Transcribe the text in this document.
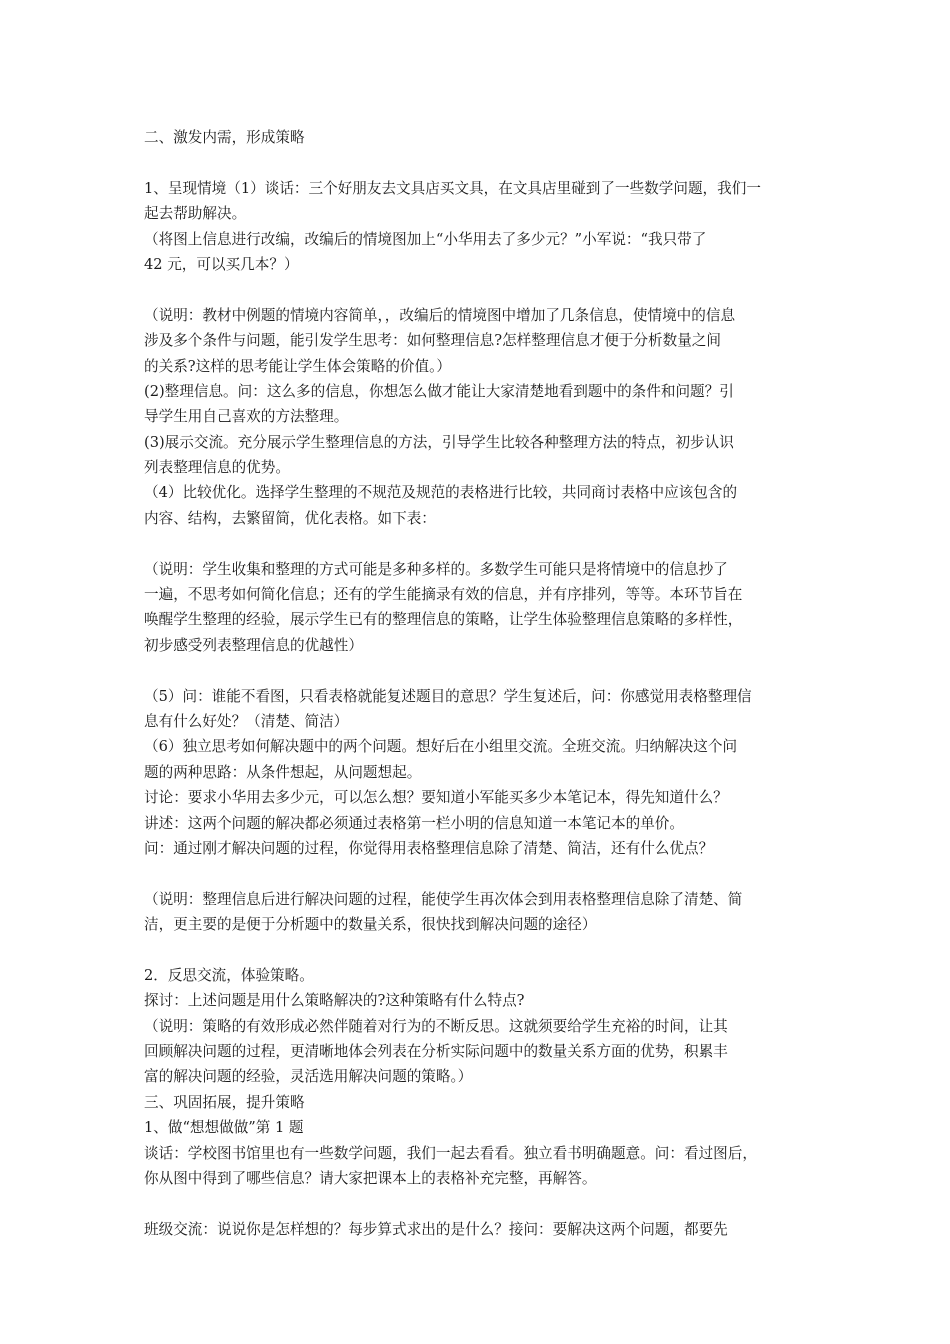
二、激发内需，形成策略
1、呈现情境（1）谈话：三个好朋友去文具店买文具，在文具店里碰到了一些数学问题，我们一
起去帮助解决。
（将图上信息进行改编，改编后的情境图加上“小华用去了多少元？”小军说：“我只带了
42 元，可以买几本？）
（说明：教材中例题的情境内容简单，，改编后的情境图中增加了几条信息，使情境中的信息
涉及多个条件与问题，能引发学生思考：如何整理信息?怎样整理信息才便于分析数量之间
的关系?这样的思考能让学生体会策略的价值。）
(2)整理信息。问：这么多的信息，你想怎么做才能让大家清楚地看到题中的条件和问题？引
导学生用自己喜欢的方法整理。
(3)展示交流。充分展示学生整理信息的方法，引导学生比较各种整理方法的特点，初步认识
列表整理信息的优势。
（4）比较优化。选择学生整理的不规范及规范的表格进行比较，共同商讨表格中应该包含的
内容、结构，去繁留简，优化表格。如下表：
（说明：学生收集和整理的方式可能是多种多样的。多数学生可能只是将情境中的信息抄了
一遍，不思考如何简化信息；还有的学生能摘录有效的信息，并有序排列，等等。本环节旨在
唤醒学生整理的经验，展示学生已有的整理信息的策略，让学生体验整理信息策略的多样性，
初步感受列表整理信息的优越性）
（5）问：谁能不看图，只看表格就能复述题目的意思？学生复述后，问：你感觉用表格整理信
息有什么好处？（清楚、简洁）
（6）独立思考如何解决题中的两个问题。想好后在小组里交流。全班交流。归纳解决这个问
题的两种思路：从条件想起，从问题想起。
讨论：要求小华用去多少元，可以怎么想？要知道小军能买多少本笔记本，得先知道什么？
讲述：这两个问题的解决都必须通过表格第一栏小明的信息知道一本笔记本的单价。
问：通过刚才解决问题的过程，你觉得用表格整理信息除了清楚、简洁，还有什么优点？
（说明：整理信息后进行解决问题的过程，能使学生再次体会到用表格整理信息除了清楚、简
洁，更主要的是便于分析题中的数量关系，很快找到解决问题的途径）
2．反思交流，体验策略。
探讨：上述问题是用什么策略解决的?这种策略有什么特点?
（说明：策略的有效形成必然伴随着对行为的不断反思。这就须要给学生充裕的时间，让其
回顾解决问题的过程，更清晰地体会列表在分析实际问题中的数量关系方面的优势，积累丰
富的解决问题的经验，灵活选用解决问题的策略。）
三、巩固拓展，提升策略
1、做“想想做做”第 1 题
谈话：学校图书馆里也有一些数学问题，我们一起去看看。独立看书明确题意。问：看过图后，
你从图中得到了哪些信息？请大家把课本上的表格补充完整，再解答。
班级交流：说说你是怎样想的？每步算式求出的是什么？接问：要解决这两个问题，都要先
